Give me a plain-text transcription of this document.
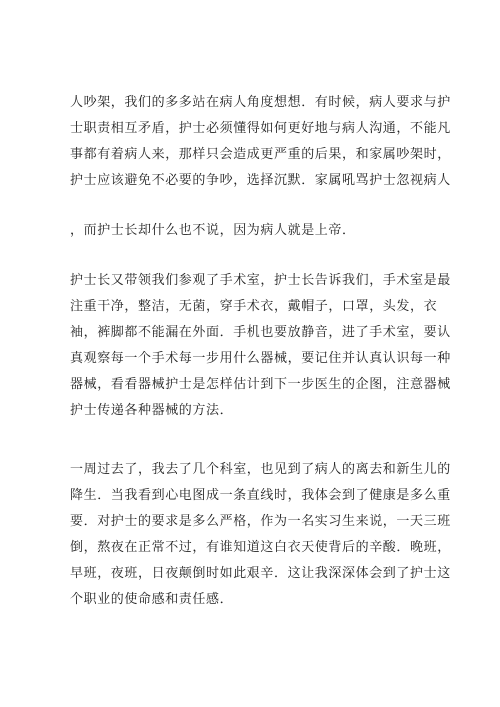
人吵架，我们的多多站在病人角度想想．有时候，病人要求与护
士职责相互矛盾，护士必须懂得如何更好地与病人沟通，不能凡
事都有着病人来，那样只会造成更严重的后果，和家属吵架时，
护士应该避免不必要的争吵，选择沉默．家属吼骂护士忽视病人
，而护士长却什么也不说，因为病人就是上帝．
护士长又带领我们参观了手术室，护士长告诉我们，手术室是最
注重干净，整洁，无菌，穿手术衣，戴帽子，口罩，头发，衣
袖，裤脚都不能漏在外面．手机也要放静音，进了手术室，要认
真观察每一个手术每一步用什么器械，要记住并认真认识每一种
器械，看看器械护士是怎样估计到下一步医生的企图，注意器械
护士传递各种器械的方法．
一周过去了，我去了几个科室，也见到了病人的离去和新生儿的
降生．当我看到心电图成一条直线时，我体会到了健康是多么重
要．对护士的要求是多么严格，作为一名实习生来说，一天三班
倒，熬夜在正常不过，有谁知道这白衣天使背后的辛酸．晚班，
早班，夜班，日夜颠倒时如此艰辛．这让我深深体会到了护士这
个职业的使命感和责任感．
